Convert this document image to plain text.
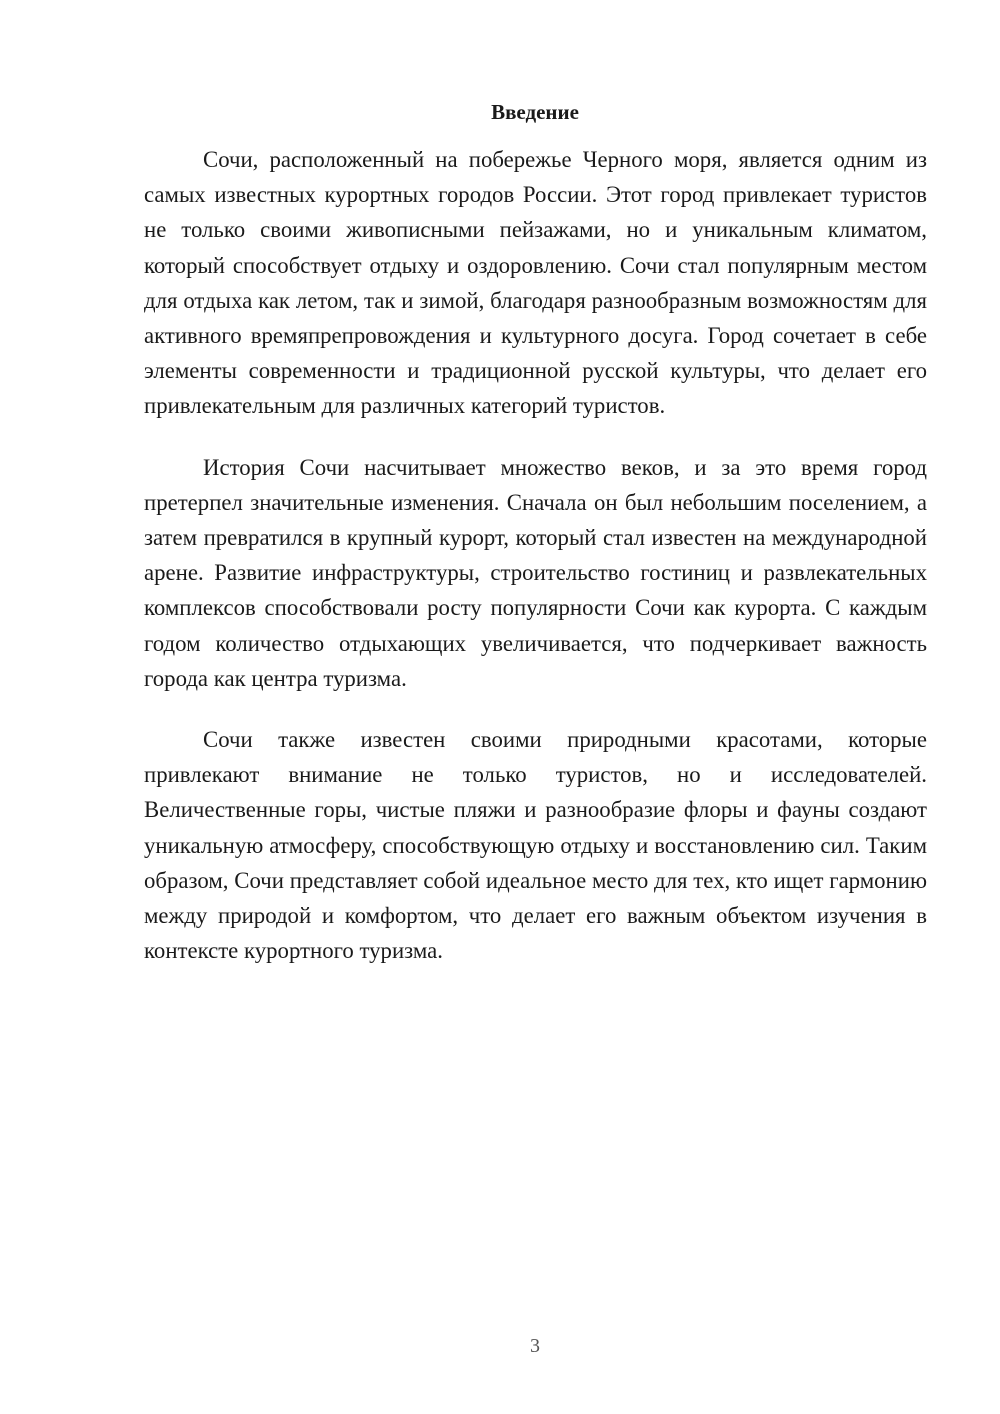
Введение

Сочи, расположенный на побережье Черного моря, является одним из самых известных курортных городов России. Этот город привлекает туристов не только своими живописными пейзажами, но и уникальным климатом, который способствует отдыху и оздоровлению. Сочи стал популярным местом для отдыха как летом, так и зимой, благодаря разнообразным возможностям для активного времяпрепровождения и культурного досуга. Город сочетает в себе элементы современности и традиционной русской культуры, что делает его привлекательным для различных категорий туристов.

История Сочи насчитывает множество веков, и за это время город претерпел значительные изменения. Сначала он был небольшим поселением, а затем превратился в крупный курорт, который стал известен на международной арене. Развитие инфраструктуры, строительство гостиниц и развлекательных комплексов способствовали росту популярности Сочи как курорта. С каждым годом количество отдыхающих увеличивается, что подчеркивает важность города как центра туризма.

Сочи также известен своими природными красотами, которые привлекают внимание не только туристов, но и исследователей. Величественные горы, чистые пляжи и разнообразие флоры и фауны создают уникальную атмосферу, способствующую отдыху и восстановлению сил. Таким образом, Сочи представляет собой идеальное место для тех, кто ищет гармонию между природой и комфортом, что делает его важным объектом изучения в контексте курортного туризма.

3
